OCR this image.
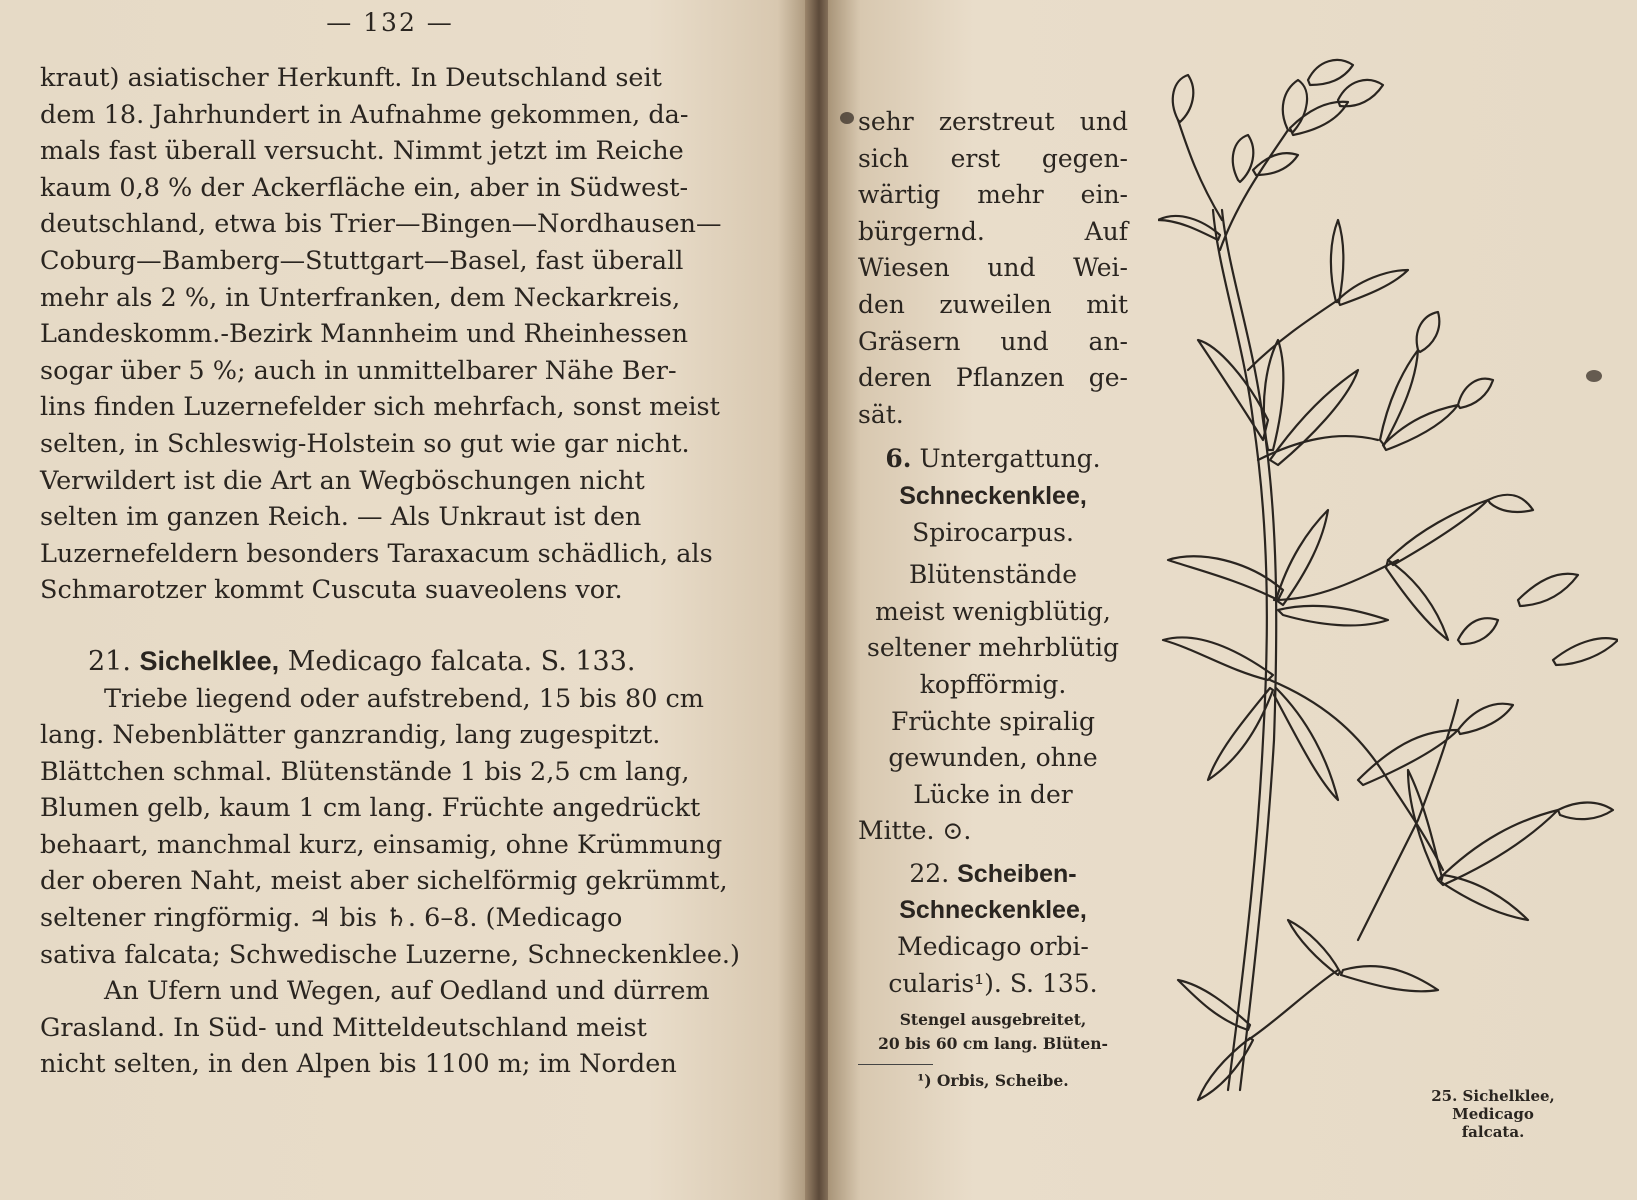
— 132 —

kraut) asiatischer Herkunft. In Deutschland seit

dem 18. Jahrhundert in Aufnahme gekommen, da-

mals fast überall versucht. Nimmt jetzt im Reiche

kaum 0,8 % der Ackerfläche ein, aber in Südwest-

deutschland, etwa bis Trier—Bingen—Nordhausen—

Coburg—Bamberg—Stuttgart—Basel, fast überall

mehr als 2 %, in Unterfranken, dem Neckarkreis,

Landeskomm.-Bezirk Mannheim und Rheinhessen

sogar über 5 %; auch in unmittelbarer Nähe Ber-

lins finden Luzernefelder sich mehrfach, sonst meist

selten, in Schleswig-Holstein so gut wie gar nicht.

Verwildert ist die Art an Wegböschungen nicht

selten im ganzen Reich. — Als Unkraut ist den

Luzernefeldern besonders Taraxacum schädlich, als

Schmarotzer kommt Cuscuta suaveolens vor.

21. Sichelklee, Medicago falcata. S. 133.

Triebe liegend oder aufstrebend, 15 bis 80 cm

lang. Nebenblätter ganzrandig, lang zugespitzt.

Blättchen schmal. Blütenstände 1 bis 2,5 cm lang,

Blumen gelb, kaum 1 cm lang. Früchte angedrückt

behaart, manchmal kurz, einsamig, ohne Krümmung

der oberen Naht, meist aber sichelförmig gekrümmt,

seltener ringförmig. ♃ bis ♄. 6–8. (Medicago

sativa falcata; Schwedische Luzerne, Schneckenklee.)

An Ufern und Wegen, auf Oedland und dürrem

Grasland. In Süd- und Mitteldeutschland meist

nicht selten, in den Alpen bis 1100 m; im Norden

sehr zerstreut und

sich erst gegen-

wärtig mehr ein-

bürgernd. Auf

Wiesen und Wei-

den zuweilen mit

Gräsern und an-

deren Pflanzen ge-

sät.

6. Untergattung.

Schneckenklee,

Spirocarpus.

Blütenstände

meist wenigblütig,

seltener mehrblütig

kopfförmig.

Früchte spiralig

gewunden, ohne

Lücke in der

Mitte. ⊙.

22. Scheiben-

Schneckenklee,

Medicago orbi-

cularis¹). S. 135.

Stengel ausgebreitet,

20 bis 60 cm lang. Blüten-

¹) Orbis, Scheibe.

25. Sichelklee,
Medicago
falcata.
